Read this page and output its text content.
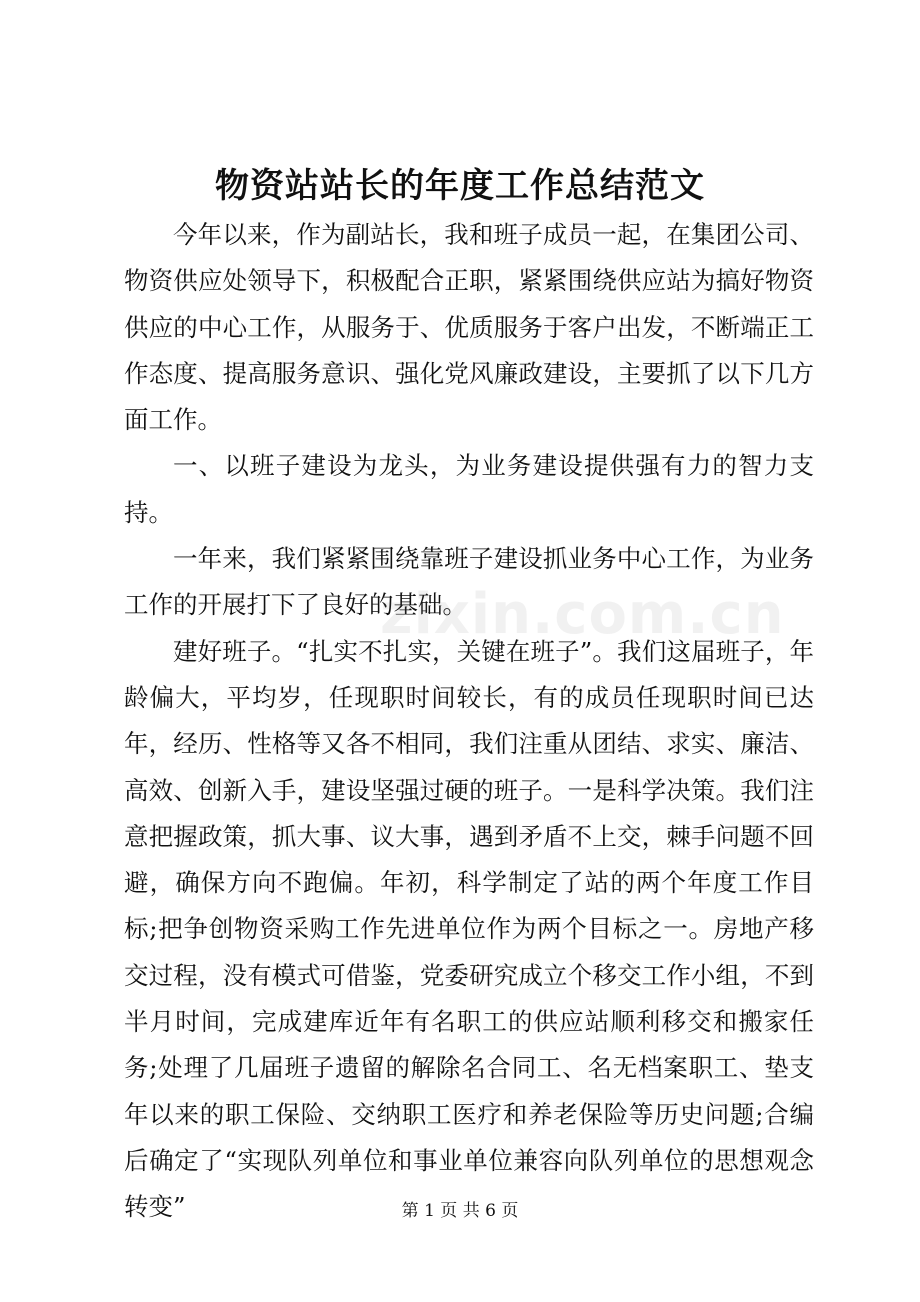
物资站站长的年度工作总结范文

今年以来，作为副站长，我和班子成员一起，在集团公司、物资供应处领导下，积极配合正职，紧紧围绕供应站为搞好物资供应的中心工作，从服务于、优质服务于客户出发，不断端正工作态度、提高服务意识、强化党风廉政建设，主要抓了以下几方面工作。

一、以班子建设为龙头，为业务建设提供强有力的智力支持。

一年来，我们紧紧围绕靠班子建设抓业务中心工作，为业务工作的开展打下了良好的基础。

建好班子。“扎实不扎实，关键在班子”。我们这届班子，年龄偏大，平均岁，任现职时间较长，有的成员任现职时间已达年，经历、性格等又各不相同，我们注重从团结、求实、廉洁、高效、创新入手，建设坚强过硬的班子。一是科学决策。我们注意把握政策，抓大事、议大事，遇到矛盾不上交，棘手问题不回避，确保方向不跑偏。年初，科学制定了站的两个年度工作目标;把争创物资采购工作先进单位作为两个目标之一。房地产移交过程，没有模式可借鉴，党委研究成立个移交工作小组，不到半月时间，完成建库近年有名职工的供应站顺利移交和搬家任务;处理了几届班子遗留的解除名合同工、名无档案职工、垫支年以来的职工保险、交纳职工医疗和养老保险等历史问题;合编后确定了“实现队列单位和事业单位兼容向队列单位的思想观念转变”

zixin.com.cn
第 1 页 共 6 页
